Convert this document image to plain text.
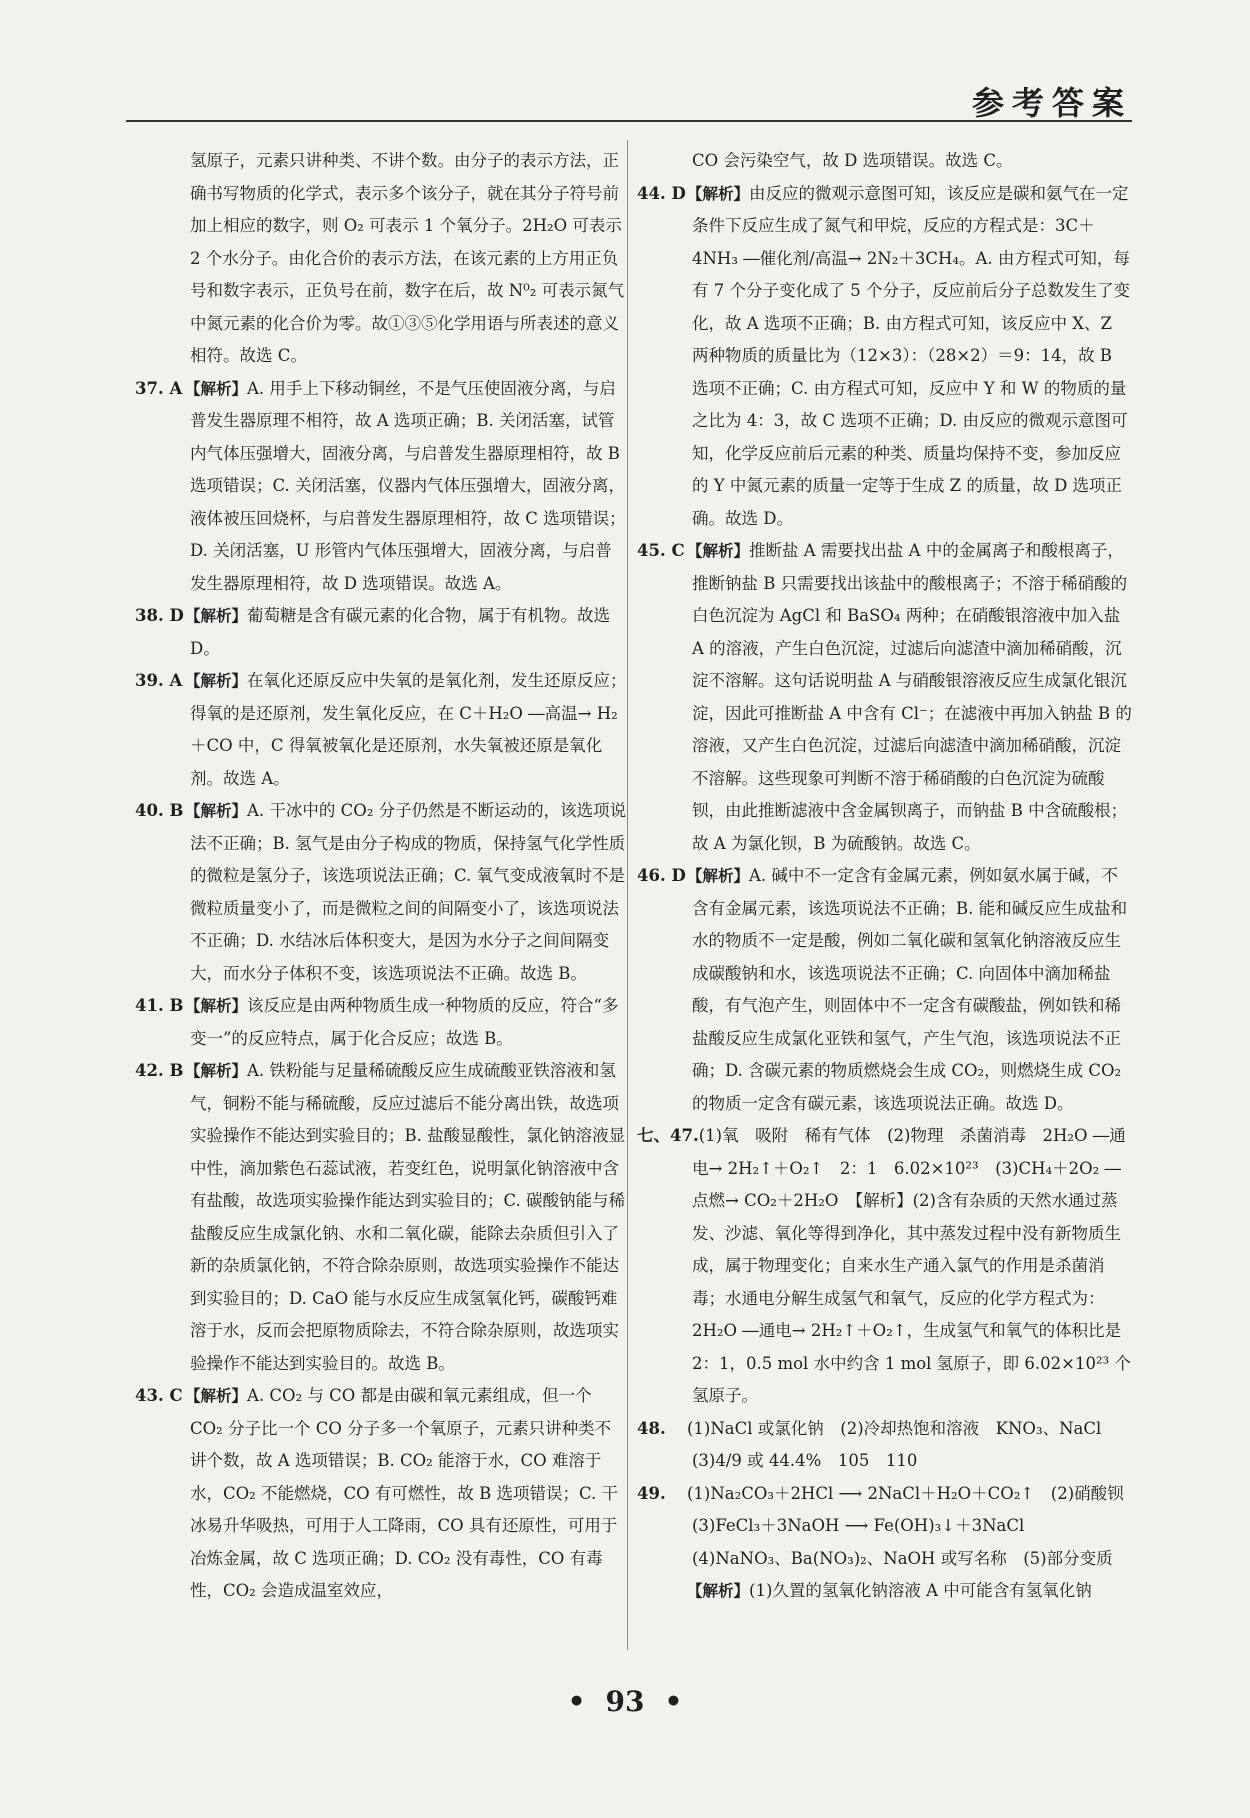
参考答案

氢原子，元素只讲种类、不讲个数。由分子的表示方法，正确书写物质的化学式，表示多个该分子，就在其分子符号前加上相应的数字，则 O₂ 可表示 1 个氧分子。2H₂O 可表示 2 个水分子。由化合价的表示方法，在该元素的上方用正负号和数字表示，正负号在前，数字在后，故 N⁰₂ 可表示氮气中氮元素的化合价为零。故①③⑤化学用语与所表述的意义相符。故选 C。

37. A 【解析】A. 用手上下移动铜丝，不是气压使固液分离，与启普发生器原理不相符，故 A 选项正确；B. 关闭活塞，试管内气体压强增大，固液分离，与启普发生器原理相符，故 B 选项错误；C. 关闭活塞，仪器内气体压强增大，固液分离，液体被压回烧杯，与启普发生器原理相符，故 C 选项错误；D. 关闭活塞，U 形管内气体压强增大，固液分离，与启普发生器原理相符，故 D 选项错误。故选 A。

38. D【解析】葡萄糖是含有碳元素的化合物，属于有机物。故选 D。

39. A 【解析】在氧化还原反应中失氧的是氧化剂，发生还原反应；得氧的是还原剂，发生氧化反应，在 C＋H₂O ―高温→ H₂＋CO 中，C 得氧被氧化是还原剂，水失氧被还原是氧化剂。故选 A。

40. B 【解析】A. 干冰中的 CO₂ 分子仍然是不断运动的，该选项说法不正确；B. 氢气是由分子构成的物质，保持氢气化学性质的微粒是氢分子，该选项说法正确；C. 氧气变成液氧时不是微粒质量变小了，而是微粒之间的间隔变小了，该选项说法不正确；D. 水结冰后体积变大，是因为水分子之间间隔变大，而水分子体积不变，该选项说法不正确。故选 B。

41. B 【解析】该反应是由两种物质生成一种物质的反应，符合“多变一”的反应特点，属于化合反应；故选 B。

42. B 【解析】A. 铁粉能与足量稀硫酸反应生成硫酸亚铁溶液和氢气，铜粉不能与稀硫酸，反应过滤后不能分离出铁，故选项实验操作不能达到实验目的；B. 盐酸显酸性，氯化钠溶液显中性，滴加紫色石蕊试液，若变红色，说明氯化钠溶液中含有盐酸，故选项实验操作能达到实验目的；C. 碳酸钠能与稀盐酸反应生成氯化钠、水和二氧化碳，能除去杂质但引入了新的杂质氯化钠，不符合除杂原则，故选项实验操作不能达到实验目的；D. CaO 能与水反应生成氢氧化钙，碳酸钙难溶于水，反而会把原物质除去，不符合除杂原则，故选项实验操作不能达到实验目的。故选 B。

43. C 【解析】A. CO₂ 与 CO 都是由碳和氧元素组成，但一个 CO₂ 分子比一个 CO 分子多一个氧原子，元素只讲种类不讲个数，故 A 选项错误；B. CO₂ 能溶于水，CO 难溶于水，CO₂ 不能燃烧，CO 有可燃性，故 B 选项错误；C. 干冰易升华吸热，可用于人工降雨，CO 具有还原性，可用于冶炼金属，故 C 选项正确；D. CO₂ 没有毒性，CO 有毒性，CO₂ 会造成温室效应，

CO 会污染空气，故 D 选项错误。故选 C。

44. D【解析】由反应的微观示意图可知，该反应是碳和氨气在一定条件下反应生成了氮气和甲烷，反应的方程式是：3C＋4NH₃ ―催化剂/高温→ 2N₂＋3CH₄。A. 由方程式可知，每有 7 个分子变化成了 5 个分子，反应前后分子总数发生了变化，故 A 选项不正确；B. 由方程式可知，该反应中 X、Z 两种物质的质量比为（12×3）：（28×2）＝9：14，故 B 选项不正确；C. 由方程式可知，反应中 Y 和 W 的物质的量之比为 4：3，故 C 选项不正确；D. 由反应的微观示意图可知，化学反应前后元素的种类、质量均保持不变，参加反应的 Y 中氮元素的质量一定等于生成 Z 的质量，故 D 选项正确。故选 D。

45. C 【解析】推断盐 A 需要找出盐 A 中的金属离子和酸根离子，推断钠盐 B 只需要找出该盐中的酸根离子；不溶于稀硝酸的白色沉淀为 AgCl 和 BaSO₄ 两种；在硝酸银溶液中加入盐 A 的溶液，产生白色沉淀，过滤后向滤渣中滴加稀硝酸，沉淀不溶解。这句话说明盐 A 与硝酸银溶液反应生成氯化银沉淀，因此可推断盐 A 中含有 Cl⁻；在滤液中再加入钠盐 B 的溶液，又产生白色沉淀，过滤后向滤渣中滴加稀硝酸，沉淀不溶解。这些现象可判断不溶于稀硝酸的白色沉淀为硫酸钡，由此推断滤液中含金属钡离子，而钠盐 B 中含硫酸根；故 A 为氯化钡，B 为硫酸钠。故选 C。

46. D【解析】A. 碱中不一定含有金属元素，例如氨水属于碱，不含有金属元素，该选项说法不正确；B. 能和碱反应生成盐和水的物质不一定是酸，例如二氧化碳和氢氧化钠溶液反应生成碳酸钠和水，该选项说法不正确；C. 向固体中滴加稀盐酸，有气泡产生，则固体中不一定含有碳酸盐，例如铁和稀盐酸反应生成氯化亚铁和氢气，产生气泡，该选项说法不正确；D. 含碳元素的物质燃烧会生成 CO₂，则燃烧生成 CO₂ 的物质一定含有碳元素，该选项说法正确。故选 D。

七、47.(1)氧　吸附　稀有气体　(2)物理　杀菌消毒　2H₂O ―通电→ 2H₂↑＋O₂↑　2：1　6.02×10²³　(3)CH₄＋2O₂ ―点燃→ CO₂＋2H₂O　【解析】(2)含有杂质的天然水通过蒸发、沙滤、氧化等得到净化，其中蒸发过程中没有新物质生成，属于物理变化；自来水生产通入氯气的作用是杀菌消毒；水通电分解生成氢气和氧气，反应的化学方程式为：2H₂O ―通电→ 2H₂↑＋O₂↑，生成氢气和氧气的体积比是 2：1，0.5 mol 水中约含 1 mol 氢原子，即 6.02×10²³ 个氢原子。

48. (1)NaCl 或氯化钠　(2)冷却热饱和溶液　KNO₃、NaCl　(3)4/9 或 44.4%　105　110

49. (1)Na₂CO₃＋2HCl ⟶ 2NaCl＋H₂O＋CO₂↑　(2)硝酸钡　(3)FeCl₃＋3NaOH ⟶ Fe(OH)₃↓＋3NaCl　(4)NaNO₃、Ba(NO₃)₂、NaOH 或写名称　(5)部分变质

【解析】(1)久置的氢氧化钠溶液 A 中可能含有氢氧化钠

• 93 •
